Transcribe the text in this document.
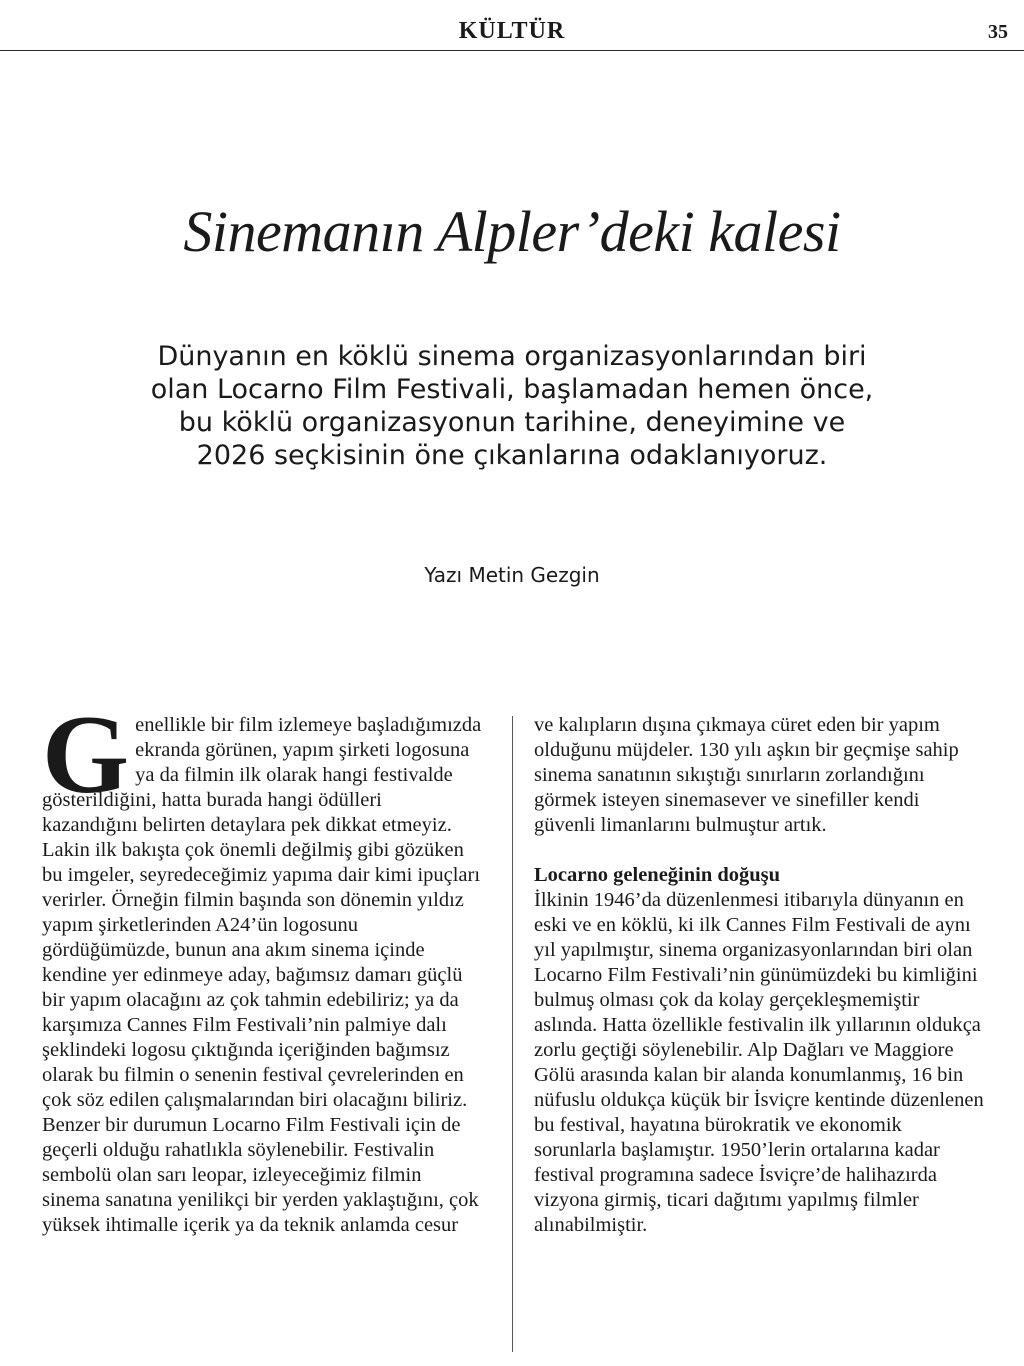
KÜLTÜR	35
Sinemanın Alpler’deki kalesi
Dünyanın en köklü sinema organizasyonlarından biri olan Locarno Film Festivali, başlamadan hemen önce, bu köklü organizasyonun tarihine, deneyimine ve 2026 seçkisinin öne çıkanlarına odaklanıyoruz.
Yazı Metin Gezgin
G enellikle bir film izlemeye başladığımızda ekranda görünen, yapım şirketi logosuna ya da filmin ilk olarak hangi festivalde gösterildiğini, hatta burada hangi ödülleri kazandığını belirten detaylara pek dikkat etmeyiz. Lakin ilk bakışta çok önemli değilmiş gibi gözüken bu imgeler, seyredeceğimiz yapıma dair kimi ipuçları verirler. Örneğin filmin başında son dönemin yıldız yapım şirketlerinden A24’ün logosunu gördüğümüzde, bunun ana akım sinema içinde kendine yer edinmeye aday, bağımsız damarı güçlü bir yapım olacağını az çok tahmin edebiliriz; ya da karşımıza Cannes Film Festivali’nin palmiye dalı şeklindeki logosu çıktığında içeriğinden bağımsız olarak bu filmin o senenin festival çevrelerinden en çok söz edilen çalışmalarından biri olacağını biliriz. Benzer bir durumun Locarno Film Festivali için de geçerli olduğu rahatlıkla söylenebilir. Festivalin sembolü olan sarı leopar, izleyeceğimiz filmin sinema sanatına yenilikçi bir yerden yaklaştığını, çok yüksek ihtimalle içerik ya da teknik anlamda cesur

ve kalıpların dışına çıkmaya cüret eden bir yapım olduğunu müjdeler. 130 yılı aşkın bir geçmişe sahip sinema sanatının sıkıştığı sınırların zorlandığını görmek isteyen sinemasever ve sinefiller kendi güvenli limanlarını bulmuştur artık.

Locarno geleneğinin doğuşu

İlkinin 1946’da düzenlenmesi itibarıyla dünyanın en eski ve en köklü, ki ilk Cannes Film Festivali de aynı yıl yapılmıştır, sinema organizasyonlarından biri olan Locarno Film Festivali’nin günümüzdeki bu kimliğini bulmuş olması çok da kolay gerçekleşmemiştir aslında. Hatta özellikle festivalin ilk yıllarının oldukça zorlu geçtiği söylenebilir. Alp Dağları ve Maggiore Gölü arasında kalan bir alanda konumlanmış, 16 bin nüfuslu oldukça küçük bir İsviçre kentinde düzenlenen bu festival, hayatına bürokratik ve ekonomik sorunlarla başlamıştır. 1950’lerin ortalarına kadar festival programına sadece İsviçre’de halihazırda vizyona girmiş, ticari dağıtımı yapılmış filmler alınabilmiştir.
